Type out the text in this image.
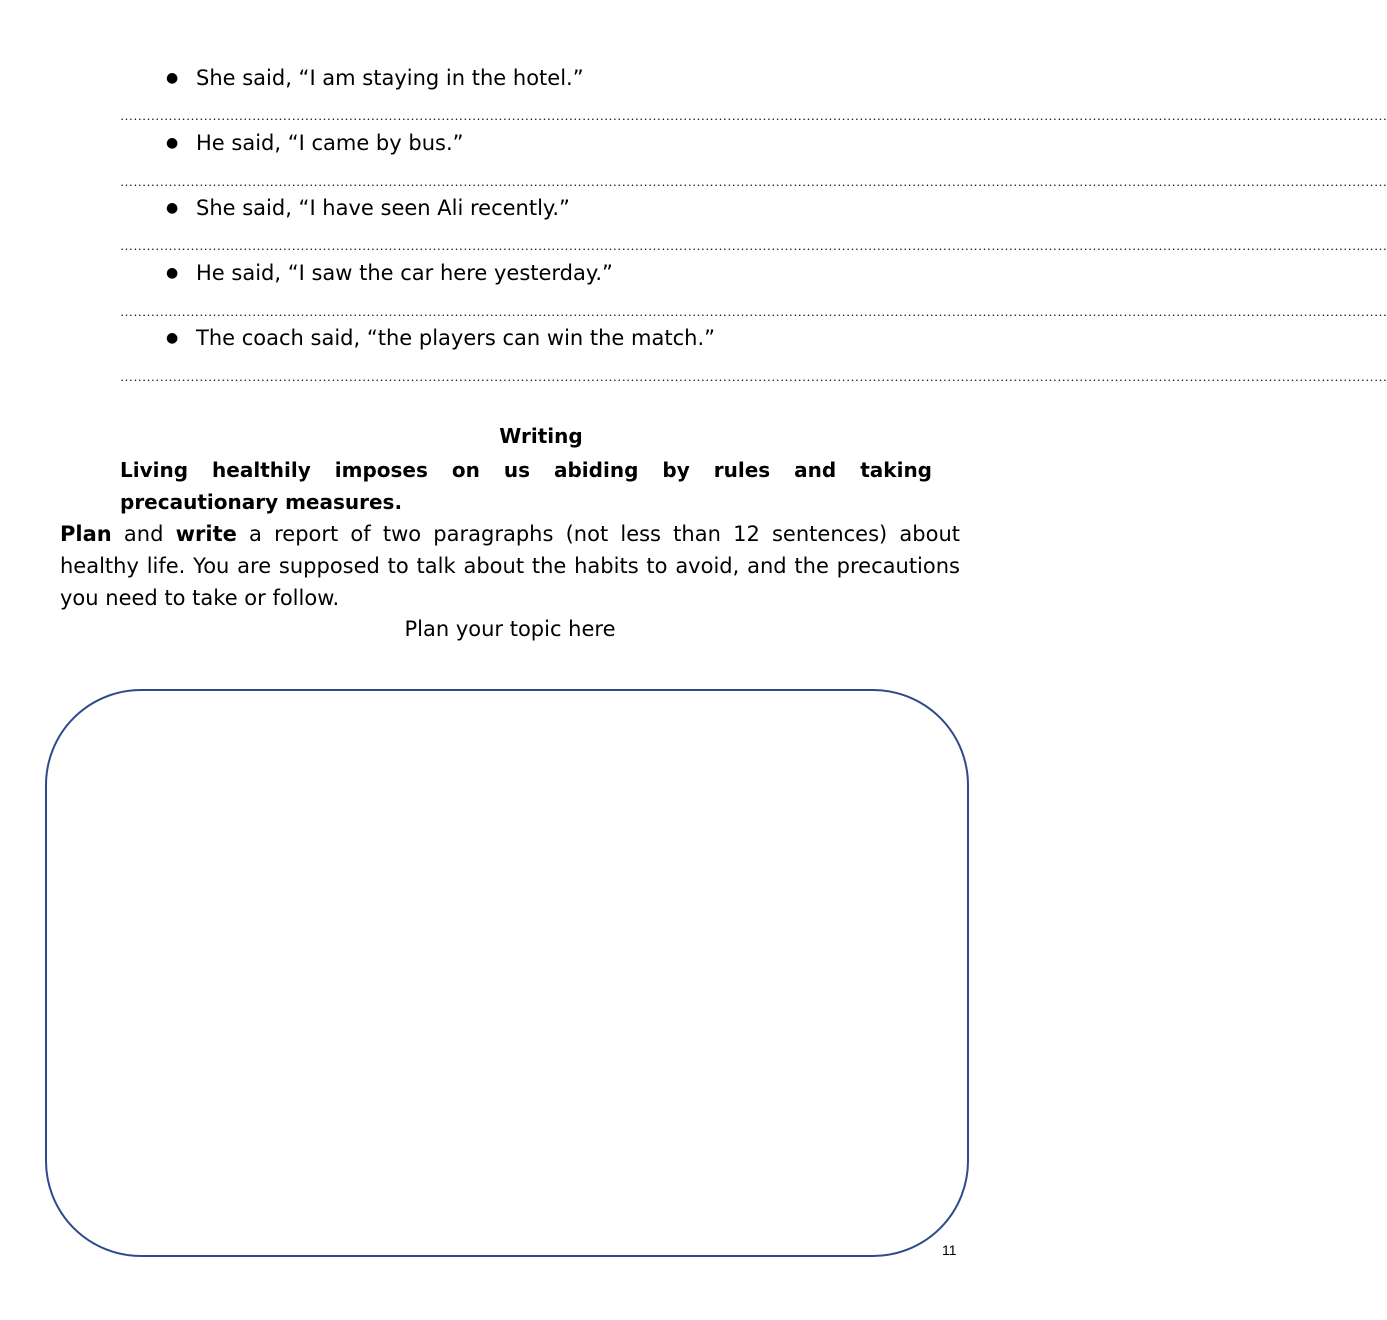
● She said, “I am staying in the hotel.”
………………………………………………………………………………………………………………………………………………………………………………………………………………………………………………………………
● He said, “I came by bus.”
………………………………………………………………………………………………………………………………………………………………………………………………………………………………………………………………
● She said, “I have seen Ali recently.”
………………………………………………………………………………………………………………………………………………………………………………………………………………………………………………………………
● He said, “I saw the car here yesterday.”
………………………………………………………………………………………………………………………………………………………………………………………………………………………………………………………………
● The coach said, “the players can win the match.”
………………………………………………………………………………………………………………………………………………………………………………………………………………………………………………………………
Writing
Living healthily imposes on us abiding by rules and taking precautionary measures.
Plan and write a report of two paragraphs (not less than 12 sentences) about healthy life. You are supposed to talk about the habits to avoid, and the precautions you need to take or follow.
Plan your topic here
11
